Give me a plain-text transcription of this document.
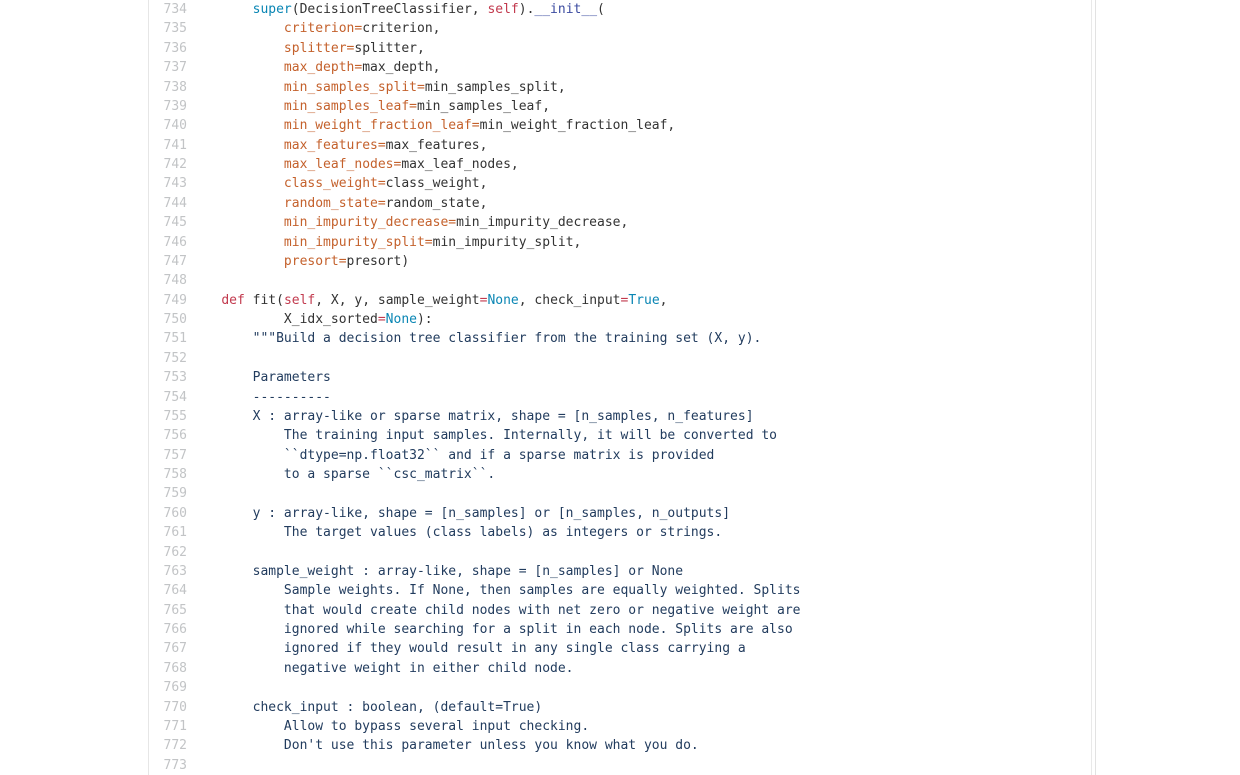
734	super(DecisionTreeClassifier, self).__init__(
735	criterion=criterion,
736	splitter=splitter,
737	max_depth=max_depth,
738	min_samples_split=min_samples_split,
739	min_samples_leaf=min_samples_leaf,
740	min_weight_fraction_leaf=min_weight_fraction_leaf,
741	max_features=max_features,
742	max_leaf_nodes=max_leaf_nodes,
743	class_weight=class_weight,
744	random_state=random_state,
745	min_impurity_decrease=min_impurity_decrease,
746	min_impurity_split=min_impurity_split,
747	presort=presort)
748
749	def fit(self, X, y, sample_weight=None, check_input=True,
750 X_idx_sorted=None):
751 """Build a decision tree classifier from the training set (X, y).
752
753 Parameters
754 ----------
755 X : array-like or sparse matrix, shape = [n_samples, n_features]
756 The training input samples. Internally, it will be converted to
757 ``dtype=np.float32`` and if a sparse matrix is provided
758 to a sparse ``csc_matrix``.
759
760 y : array-like, shape = [n_samples] or [n_samples, n_outputs]
761 The target values (class labels) as integers or strings.
762
763 sample_weight : array-like, shape = [n_samples] or None
764 Sample weights. If None, then samples are equally weighted. Splits
765 that would create child nodes with net zero or negative weight are
766 ignored while searching for a split in each node. Splits are also
767 ignored if they would result in any single class carrying a
768 negative weight in either child node.
769
770 check_input : boolean, (default=True)
771 Allow to bypass several input checking.
772 Don't use this parameter unless you know what you do.
773
